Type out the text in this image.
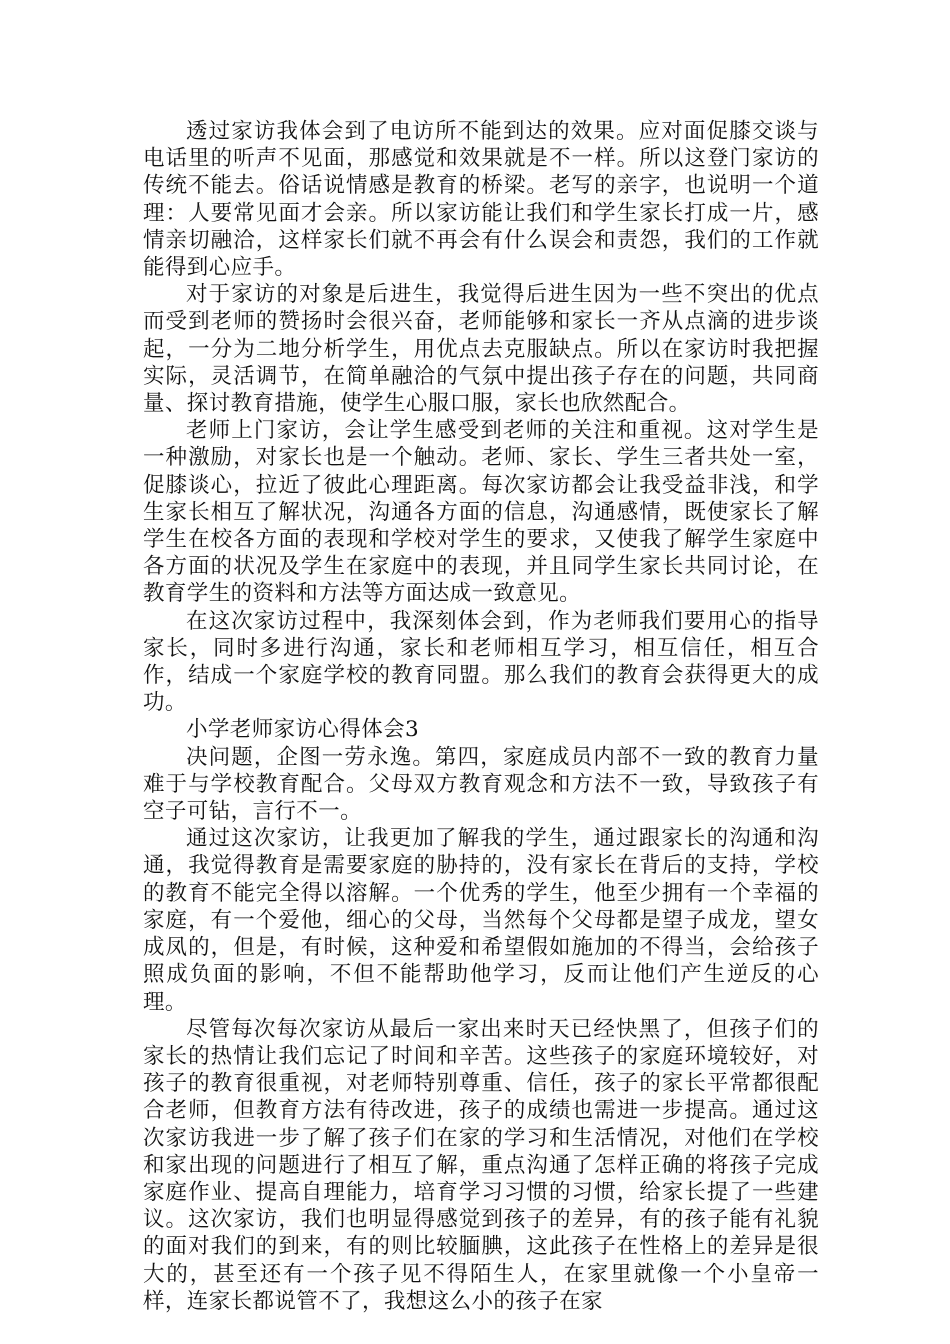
透过家访我体会到了电访所不能到达的效果。应对面促膝交谈与电话里的听声不见面，那感觉和效果就是不一样。所以这登门家访的传统不能去。俗话说情感是教育的桥梁。老写的亲字，也说明一个道理：人要常见面才会亲。所以家访能让我们和学生家长打成一片，感情亲切融洽，这样家长们就不再会有什么误会和责怨，我们的工作就能得到心应手。

对于家访的对象是后进生，我觉得后进生因为一些不突出的优点而受到老师的赞扬时会很兴奋，老师能够和家长一齐从点滴的进步谈起，一分为二地分析学生，用优点去克服缺点。所以在家访时我把握实际，灵活调节，在简单融洽的气氛中提出孩子存在的问题，共同商量、探讨教育措施，使学生心服口服，家长也欣然配合。

老师上门家访，会让学生感受到老师的关注和重视。这对学生是一种激励，对家长也是一个触动。老师、家长、学生三者共处一室，促膝谈心，拉近了彼此心理距离。每次家访都会让我受益非浅，和学生家长相互了解状况，沟通各方面的信息，沟通感情，既使家长了解学生在校各方面的表现和学校对学生的要求，又使我了解学生家庭中各方面的状况及学生在家庭中的表现，并且同学生家长共同讨论，在教育学生的资料和方法等方面达成一致意见。

在这次家访过程中，我深刻体会到，作为老师我们要用心的指导家长，同时多进行沟通，家长和老师相互学习，相互信任，相互合作，结成一个家庭学校的教育同盟。那么我们的教育会获得更大的成功。

小学老师家访心得体会3

决问题，企图一劳永逸。第四，家庭成员内部不一致的教育力量难于与学校教育配合。父母双方教育观念和方法不一致，导致孩子有空子可钻，言行不一。

通过这次家访，让我更加了解我的学生，通过跟家长的沟通和沟通，我觉得教育是需要家庭的胁持的，没有家长在背后的支持，学校的教育不能完全得以溶解。一个优秀的学生，他至少拥有一个幸福的家庭，有一个爱他，细心的父母，当然每个父母都是望子成龙，望女成凤的，但是，有时候，这种爱和希望假如施加的不得当，会给孩子照成负面的影响，不但不能帮助他学习，反而让他们产生逆反的心理。

尽管每次每次家访从最后一家出来时天已经快黑了，但孩子们的家长的热情让我们忘记了时间和辛苦。这些孩子的家庭环境较好，对孩子的教育很重视，对老师特别尊重、信任，孩子的家长平常都很配合老师，但教育方法有待改进，孩子的成绩也需进一步提高。通过这次家访我进一步了解了孩子们在家的学习和生活情况，对他们在学校和家出现的问题进行了相互了解，重点沟通了怎样正确的将孩子完成家庭作业、提高自理能力，培育学习习惯的习惯，给家长提了一些建议。这次家访，我们也明显得感觉到孩子的差异，有的孩子能有礼貌的面对我们的到来，有的则比较腼腆，这此孩子在性格上的差异是很大的，甚至还有一个孩子见不得陌生人，在家里就像一个小皇帝一样，连家长都说管不了，我想这么小的孩子在家
